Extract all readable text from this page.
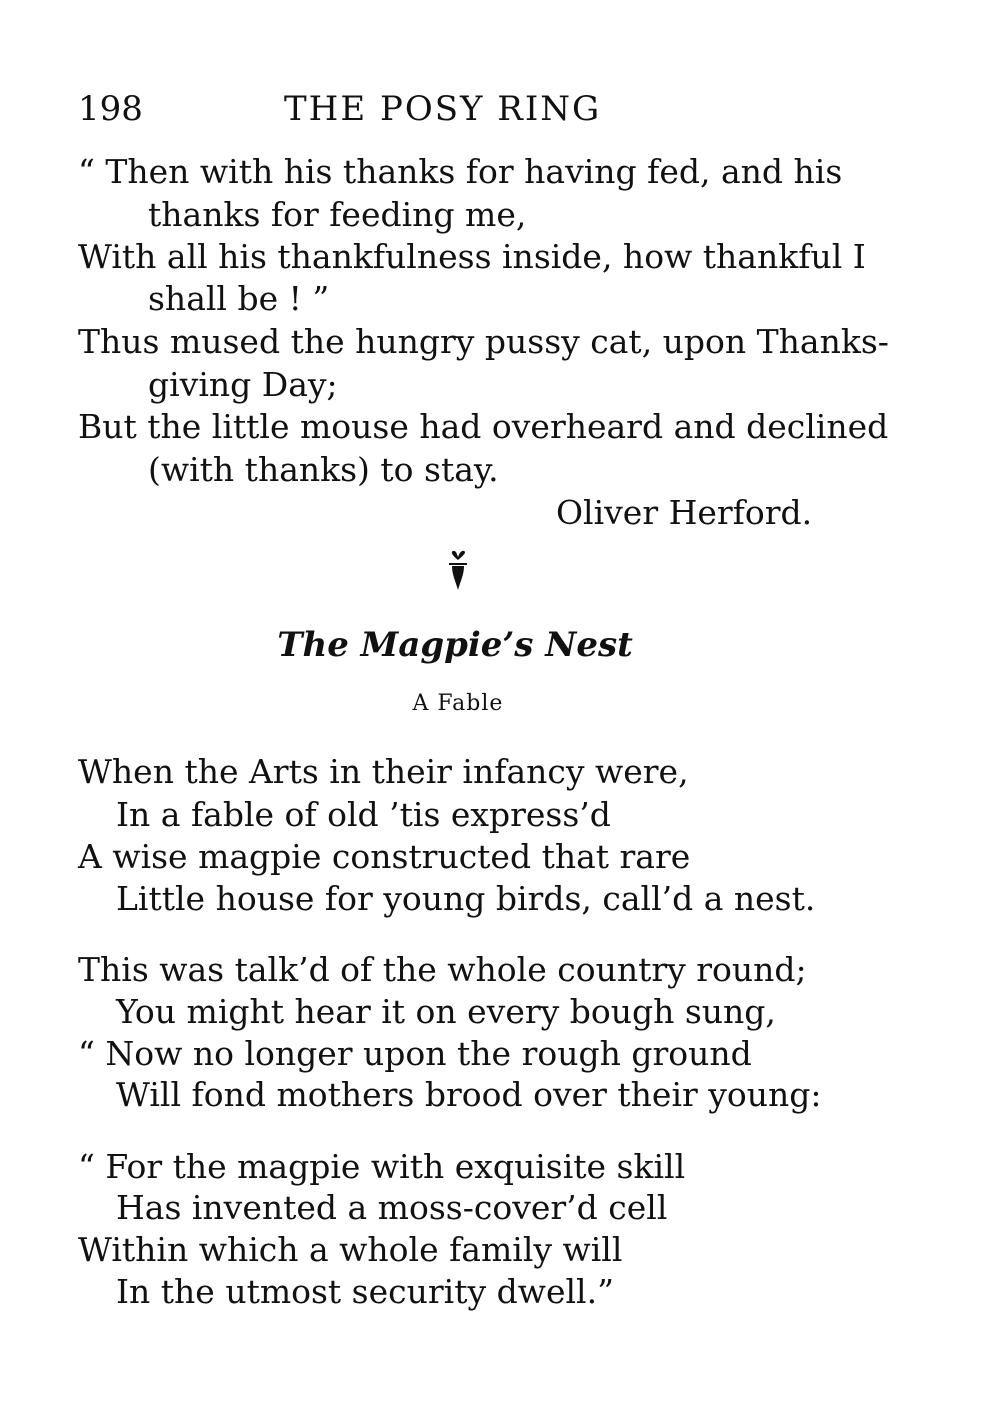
198	THE POSY RING
“ Then with his thanks for having fed, and his
thanks for feeding me,
With all his thankfulness inside, how thankful I
shall be ! ”
Thus mused the hungry pussy cat, upon Thanks-
giving Day;
But the little mouse had overheard and declined
(with thanks) to stay.
Oliver Herford.
The Magpie’s Nest
A Fable
When the Arts in their infancy were,
In a fable of old ’tis express’d
A wise magpie constructed that rare
Little house for young birds, call’d a nest.
This was talk’d of the whole country round;
You might hear it on every bough sung,
“ Now no longer upon the rough ground
Will fond mothers brood over their young:
“ For the magpie with exquisite skill
Has invented a moss-cover’d cell
Within which a whole family will
In the utmost security dwell.”
